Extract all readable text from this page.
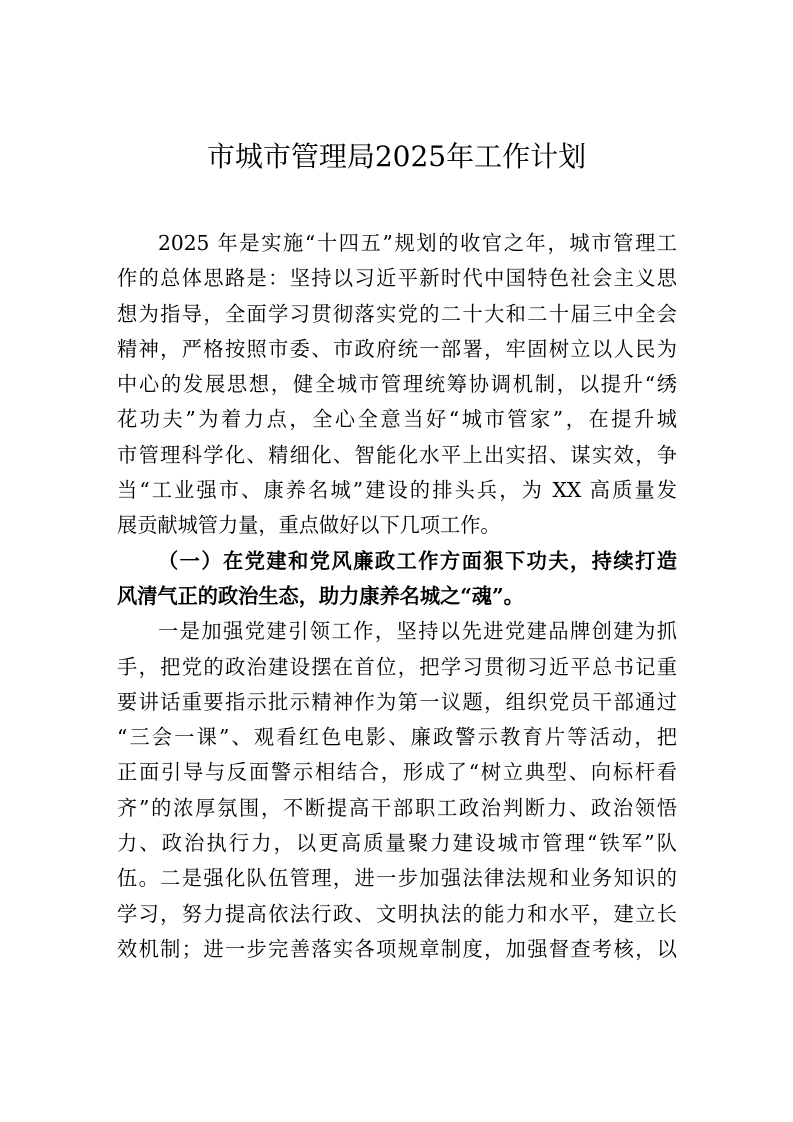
市城市管理局2025年工作计划
2025 年是实施“十四五”规划的收官之年，城市管理工
作的总体思路是：坚持以习近平新时代中国特色社会主义思
想为指导，全面学习贯彻落实党的二十大和二十届三中全会
精神，严格按照市委、市政府统一部署，牢固树立以人民为
中心的发展思想，健全城市管理统筹协调机制，以提升“绣
花功夫”为着力点，全心全意当好“城市管家”，在提升城
市管理科学化、精细化、智能化水平上出实招、谋实效，争
当“工业强市、康养名城”建设的排头兵，为 XX 高质量发
展贡献城管力量，重点做好以下几项工作。
（一）在党建和党风廉政工作方面狠下功夫，持续打造
风清气正的政治生态，助力康养名城之“魂”。
一是加强党建引领工作，坚持以先进党建品牌创建为抓
手，把党的政治建设摆在首位，把学习贯彻习近平总书记重
要讲话重要指示批示精神作为第一议题，组织党员干部通过
“三会一课”、观看红色电影、廉政警示教育片等活动，把
正面引导与反面警示相结合，形成了“树立典型、向标杆看
齐”的浓厚氛围，不断提高干部职工政治判断力、政治领悟
力、政治执行力，以更高质量聚力建设城市管理“铁军”队
伍。二是强化队伍管理，进一步加强法律法规和业务知识的
学习，努力提高依法行政、文明执法的能力和水平，建立长
效机制；进一步完善落实各项规章制度，加强督查考核，以
